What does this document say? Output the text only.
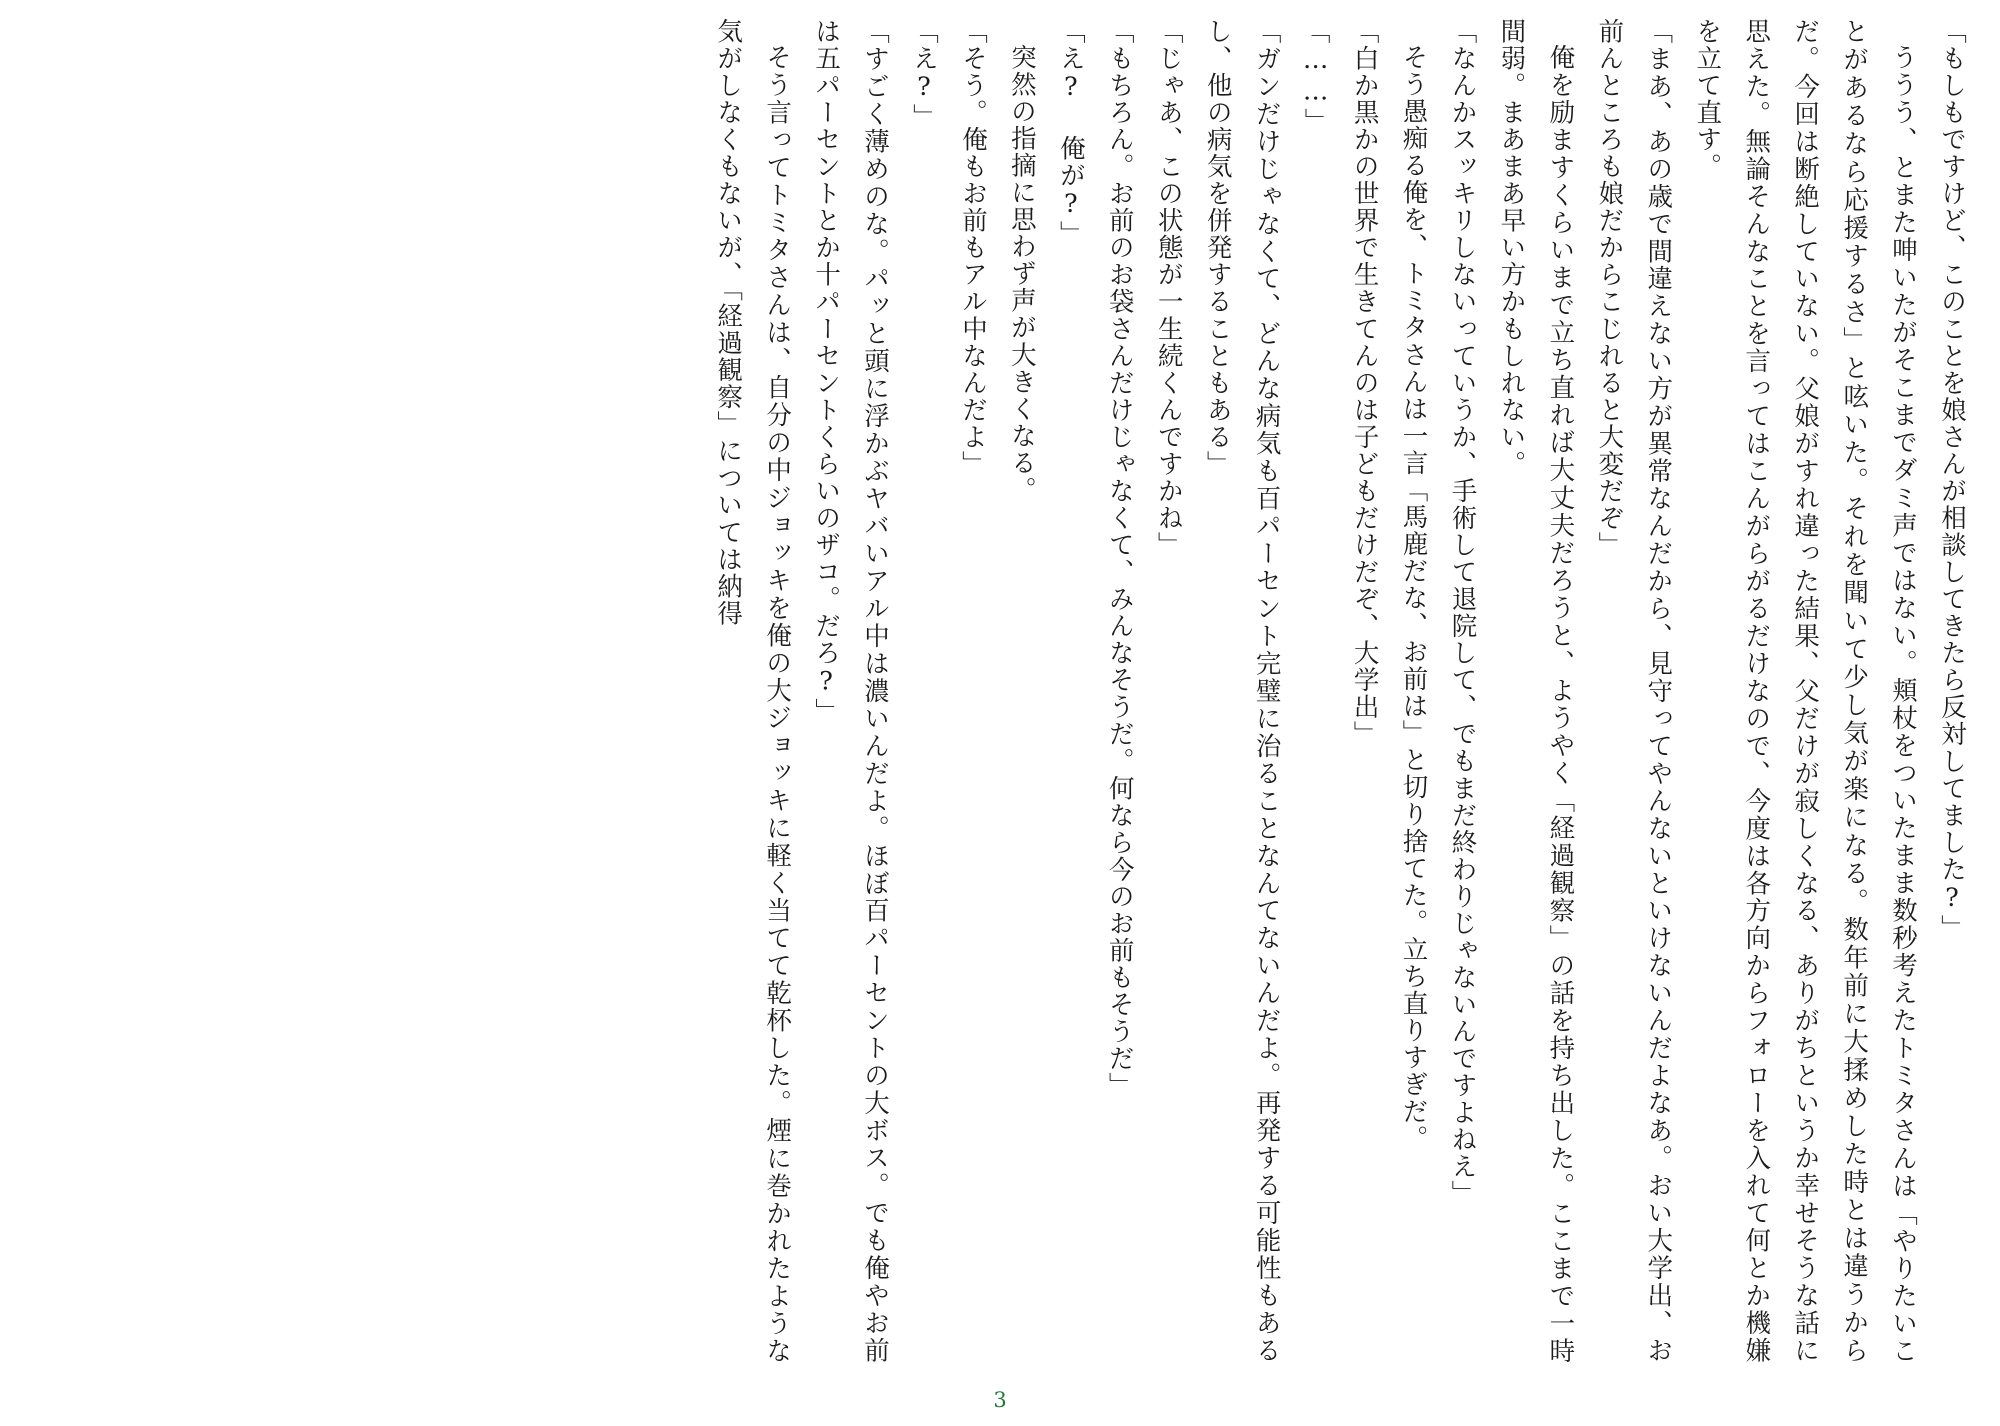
「もしもですけど、このことを娘さんが相談してきたら反対してました?」

ううう、とまた呻いたがそこまでダミ声ではない。頬杖をついたまま数秒考えたトミタさんは「やりたいことがあるなら応援するさ」と呟いた。それを聞いて少し気が楽になる。数年前に大揉めした時とは違うからだ。今回は断絶していない。父娘がすれ違った結果、父だけが寂しくなる、ありがちというか幸せそうな話に思えた。無論そんなことを言ってはこんがらがるだけなので、今度は各方向からフォローを入れて何とか機嫌を立て直す。

「まあ、あの歳で間違えない方が異常なんだから、見守ってやんないといけないんだよなあ。おい大学出、お前んところも娘だからこじれると大変だぞ」

俺を励ますくらいまで立ち直れば大丈夫だろうと、ようやく「経過観察」の話を持ち出した。ここまで一時間弱。まあまあ早い方かもしれない。

「なんかスッキリしないっていうか、手術して退院して、でもまだ終わりじゃないんですよねえ」

そう愚痴る俺を、トミタさんは一言「馬鹿だな、お前は」と切り捨てた。立ち直りすぎだ。

「白か黒かの世界で生きてんのは子どもだけだぞ、大学出」

「……」

「ガンだけじゃなくて、どんな病気も百パーセント完璧に治ることなんてないんだよ。再発する可能性もあるし、他の病気を併発することもある」

「じゃあ、この状態が一生続くんですかね」

「もちろん。お前のお袋さんだけじゃなくて、みんなそうだ。何なら今のお前もそうだ」

「え? 俺が?」

突然の指摘に思わず声が大きくなる。

「そう。俺もお前もアル中なんだよ」

「え?」

「すごく薄めのな。パッと頭に浮かぶヤバいアル中は濃いんだよ。ほぼ百パーセントの大ボス。でも俺やお前は五パーセントとか十パーセントくらいのザコ。だろ?」

そう言ってトミタさんは、自分の中ジョッキを俺の大ジョッキに軽く当てて乾杯した。煙に巻かれたような気がしなくもないが、「経過観察」については納得

3
